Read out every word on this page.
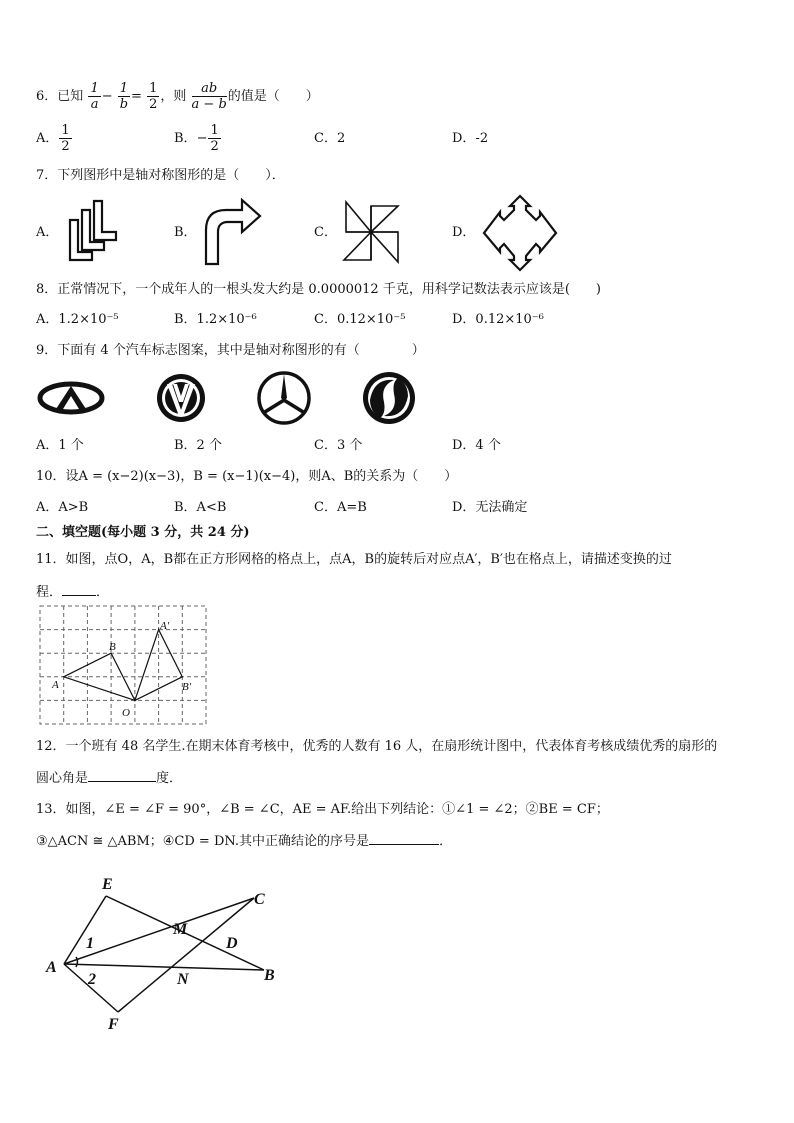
6．已知 $\frac{1}{a} - \frac{1}{b} = \frac{1}{2}$ ，则 $\frac{ab}{a - b}$ 的值是（　　）
A． $\frac{1}{2}$	B．− $\frac{1}{2}$	C．2	D．-2
7．下列图形中是轴对称图形的是（　　）．
A．	B．	C．	D．
8．正常情况下，一个成年人的一根头发大约是 0.0000012 千克，用科学记数法表示应该是(　　)
A．1.2×10⁻⁵	B．1.2×10⁻⁶	C．0.12×10⁻⁵	D．0.12×10⁻⁶
9．下面有 4 个汽车标志图案，其中是轴对称图形的有（　　　　）
A．1 个	B．2 个	C．3 个	D．4 个
10．设A = (x−2)(x−3)，B = (x−1)(x−4)，则A、B的关系为（　　）
A．A>B	B．A<B	C．A=B	D．无法确定
二、填空题(每小题 3 分，共 24 分)
11．如图，点O，A，B都在正方形网格的格点上，点A，B的旋转后对应点A′，B′也在格点上，请描述变换的过
程．	．
A
B
O
A′
B′
12．一个班有 48 名学生.在期末体育考核中，优秀的人数有 16 人，在扇形统计图中，代表体育考核成绩优秀的扇形的
圆心角是	度．
13．如图，∠E = ∠F = 90°，∠B = ∠C，AE = AF.给出下列结论：①∠1 = ∠2；②BE = CF；
③△ACN ≅ △ABM；④CD = DN.其中正确结论的序号是	．
E
C
M
D
A	B
N
F
1
2
